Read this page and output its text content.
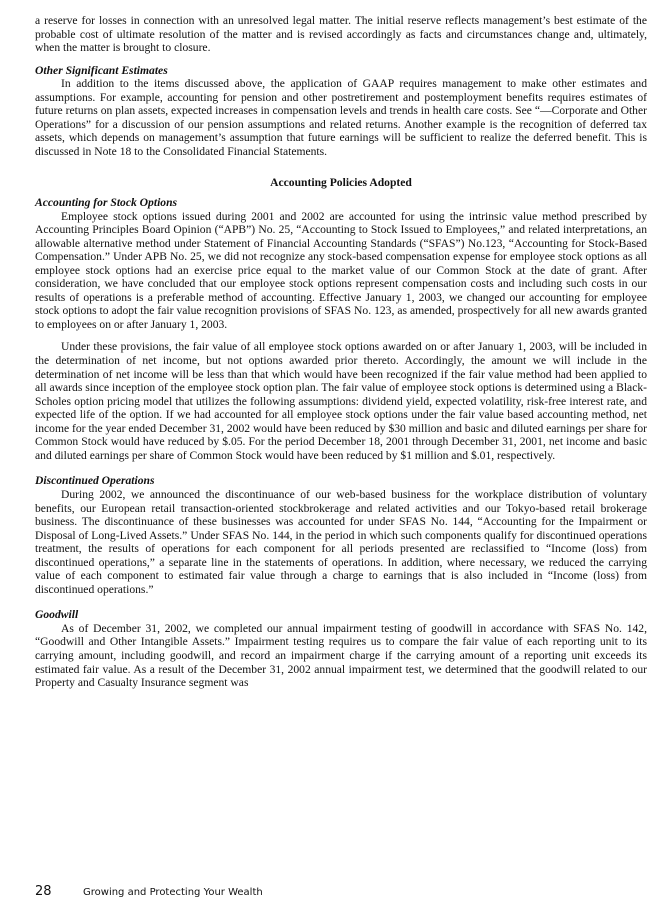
a reserve for losses in connection with an unresolved legal matter. The initial reserve reflects management’s best estimate of the probable cost of ultimate resolution of the matter and is revised accordingly as facts and circumstances change and, ultimately, when the matter is brought to closure.

Other Significant Estimates

In addition to the items discussed above, the application of GAAP requires management to make other estimates and assumptions. For example, accounting for pension and other postretirement and postemployment benefits requires estimates of future returns on plan assets, expected increases in compensation levels and trends in health care costs. See “—Corporate and Other Operations” for a discussion of our pension assumptions and related returns. Another example is the recognition of deferred tax assets, which depends on management’s assumption that future earnings will be sufficient to realize the deferred benefit. This is discussed in Note 18 to the Consolidated Financial Statements.

Accounting Policies Adopted
Accounting for Stock Options

Employee stock options issued during 2001 and 2002 are accounted for using the intrinsic value method prescribed by Accounting Principles Board Opinion (“APB”) No. 25, “Accounting to Stock Issued to Employees,” and related interpretations, an allowable alternative method under Statement of Financial Accounting Standards (“SFAS”) No.123, “Accounting for Stock-Based Compensation.” Under APB No. 25, we did not recognize any stock-based compensation expense for employee stock options as all employee stock options had an exercise price equal to the market value of our Common Stock at the date of grant. After consideration, we have concluded that our employee stock options represent compensation costs and including such costs in our results of operations is a preferable method of accounting. Effective January 1, 2003, we changed our accounting for employee stock options to adopt the fair value recognition provisions of SFAS No. 123, as amended, prospectively for all new awards granted to employees on or after January 1, 2003.

Under these provisions, the fair value of all employee stock options awarded on or after January 1, 2003, will be included in the determination of net income, but not options awarded prior thereto. Accordingly, the amount we will include in the determination of net income will be less than that which would have been recognized if the fair value method had been applied to all awards since inception of the employee stock option plan. The fair value of employee stock options is determined using a Black-Scholes option pricing model that utilizes the following assumptions: dividend yield, expected volatility, risk-free interest rate, and expected life of the option. If we had accounted for all employee stock options under the fair value based accounting method, net income for the year ended December 31, 2002 would have been reduced by $30 million and basic and diluted earnings per share for Common Stock would have reduced by $.05. For the period December 18, 2001 through December 31, 2001, net income and basic and diluted earnings per share of Common Stock would have been reduced by $1 million and $.01, respectively.

Discontinued Operations

During 2002, we announced the discontinuance of our web-based business for the workplace distribution of voluntary benefits, our European retail transaction-oriented stockbrokerage and related activities and our Tokyo-based retail brokerage business. The discontinuance of these businesses was accounted for under SFAS No. 144, “Accounting for the Impairment or Disposal of Long-Lived Assets.” Under SFAS No. 144, in the period in which such components qualify for discontinued operations treatment, the results of operations for each component for all periods presented are reclassified to “Income (loss) from discontinued operations,” a separate line in the statements of operations. In addition, where necessary, we reduced the carrying value of each component to estimated fair value through a charge to earnings that is also included in “Income (loss) from discontinued operations.”

Goodwill

As of December 31, 2002, we completed our annual impairment testing of goodwill in accordance with SFAS No. 142, “Goodwill and Other Intangible Assets.” Impairment testing requires us to compare the fair value of each reporting unit to its carrying amount, including goodwill, and record an impairment charge if the carrying amount of a reporting unit exceeds its estimated fair value. As a result of the December 31, 2002 annual impairment test, we determined that the goodwill related to our Property and Casualty Insurance segment was

28	Growing and Protecting Your Wealth
